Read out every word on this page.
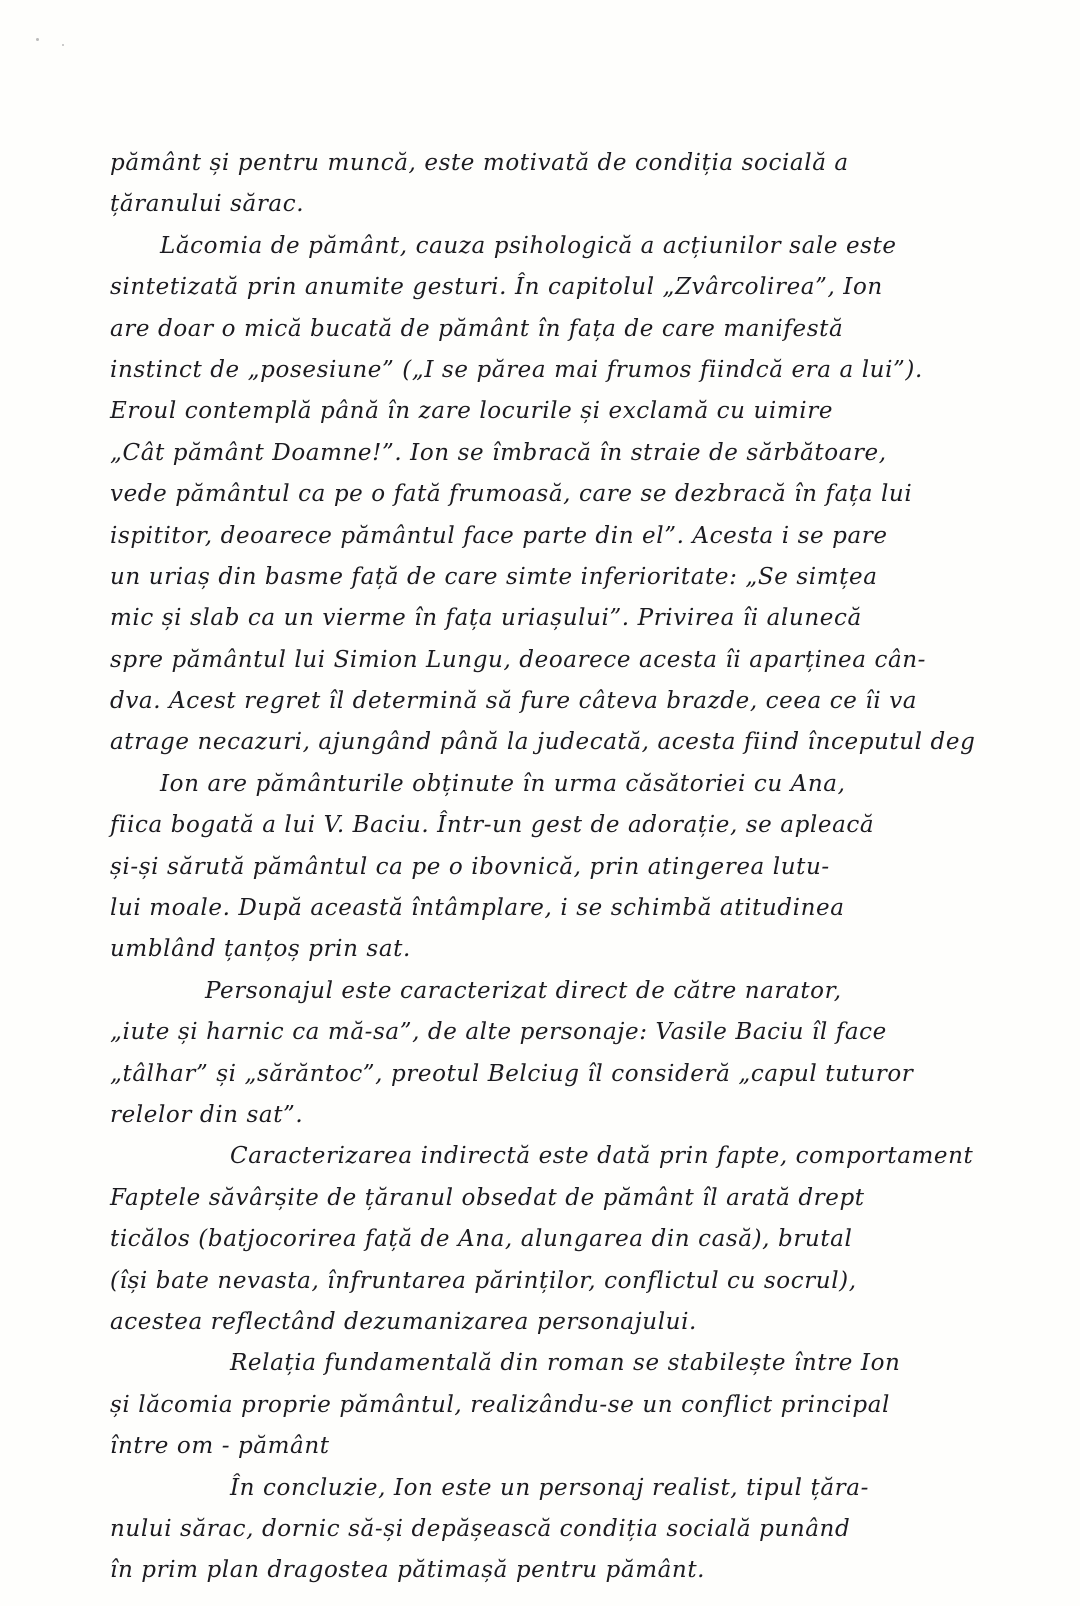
pământ și pentru muncă, este motivată de condiția socială a
țăranului sărac.
Lăcomia de pământ, cauza psihologică a acțiunilor sale este
sintetizată prin anumite gesturi. În capitolul „Zvârcolirea”, Ion
are doar o mică bucată de pământ în fața de care manifestă
instinct de „posesiune” („I se părea mai frumos fiindcă era a lui”).
Eroul contemplă până în zare locurile și exclamă cu uimire
„Cât pământ Doamne!”. Ion se îmbracă în straie de sărbătoare,
vede pământul ca pe o fată frumoasă, care se dezbracă în fața lui
ispititor, deoarece pământul face parte din el”. Acesta i se pare
un uriaș din basme față de care simte inferioritate: „Se simțea
mic și slab ca un vierme în fața uriașului”. Privirea îi alunecă
spre pământul lui Simion Lungu, deoarece acesta îi aparținea cân-
dva. Acest regret îl determină să fure câteva brazde, ceea ce îi va
atrage necazuri, ajungând până la judecată, acesta fiind începutul deg
Ion are pământurile obținute în urma căsătoriei cu Ana,
fiica bogată a lui V. Baciu. Într-un gest de adorație, se apleacă
și-și sărută pământul ca pe o ibovnică, prin atingerea lutu-
lui moale. După această întâmplare, i se schimbă atitudinea
umblând țanțoș prin sat.
Personajul este caracterizat direct de către narator,
„iute și harnic ca mă-sa”, de alte personaje: Vasile Baciu îl face
„tâlhar” și „sărăntoc”, preotul Belciug îl consideră „capul tuturor
relelor din sat”.
Caracterizarea indirectă este dată prin fapte, comportament
Faptele săvârșite de țăranul obsedat de pământ îl arată drept
ticălos (batjocorirea față de Ana, alungarea din casă), brutal
(își bate nevasta, înfruntarea părinților, conflictul cu socrul),
acestea reflectând dezumanizarea personajului.
Relația fundamentală din roman se stabilește între Ion
și lăcomia proprie pământul, realizându-se un conflict principal
între om - pământ
În concluzie, Ion este un personaj realist, tipul țăra-
nului sărac, dornic să-și depășească condiția socială punând
în prim plan dragostea pătimașă pentru pământ.
